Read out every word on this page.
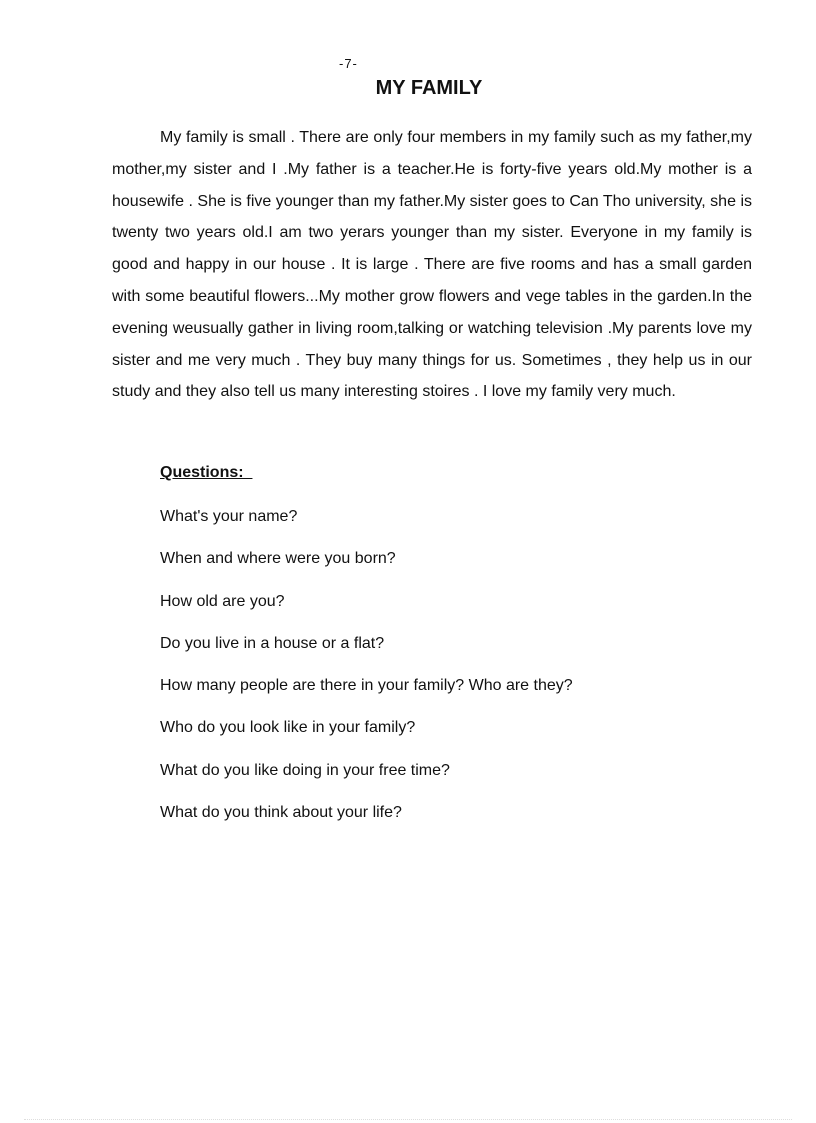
-7-
MY FAMILY

My family is small . There are only four members in my family such as my father,my mother,my sister and I .My father is a teacher.He is forty-five years old.My mother is a housewife . She is five younger than my father.My sister goes to Can Tho university, she is twenty two years old.I am two yerars younger than my sister. Everyone in my family is good and happy in our house . It is large . There are five rooms and has a small garden with some beautiful flowers...My mother grow flowers and vege tables in the garden.In the evening weusually gather in living room,talking or watching television .My parents love my sister and me very much . They buy many things for us. Sometimes , they help us in our study and they also tell us many interesting stoires . I love my family very much.

Questions:

What's your name?
When and where were you born?
How old are you?
Do you live in a house or a flat?
How many people are there in your family? Who are they?
Who do you look like in your family?
What do you like doing in your free time?
What do you think about your life?
